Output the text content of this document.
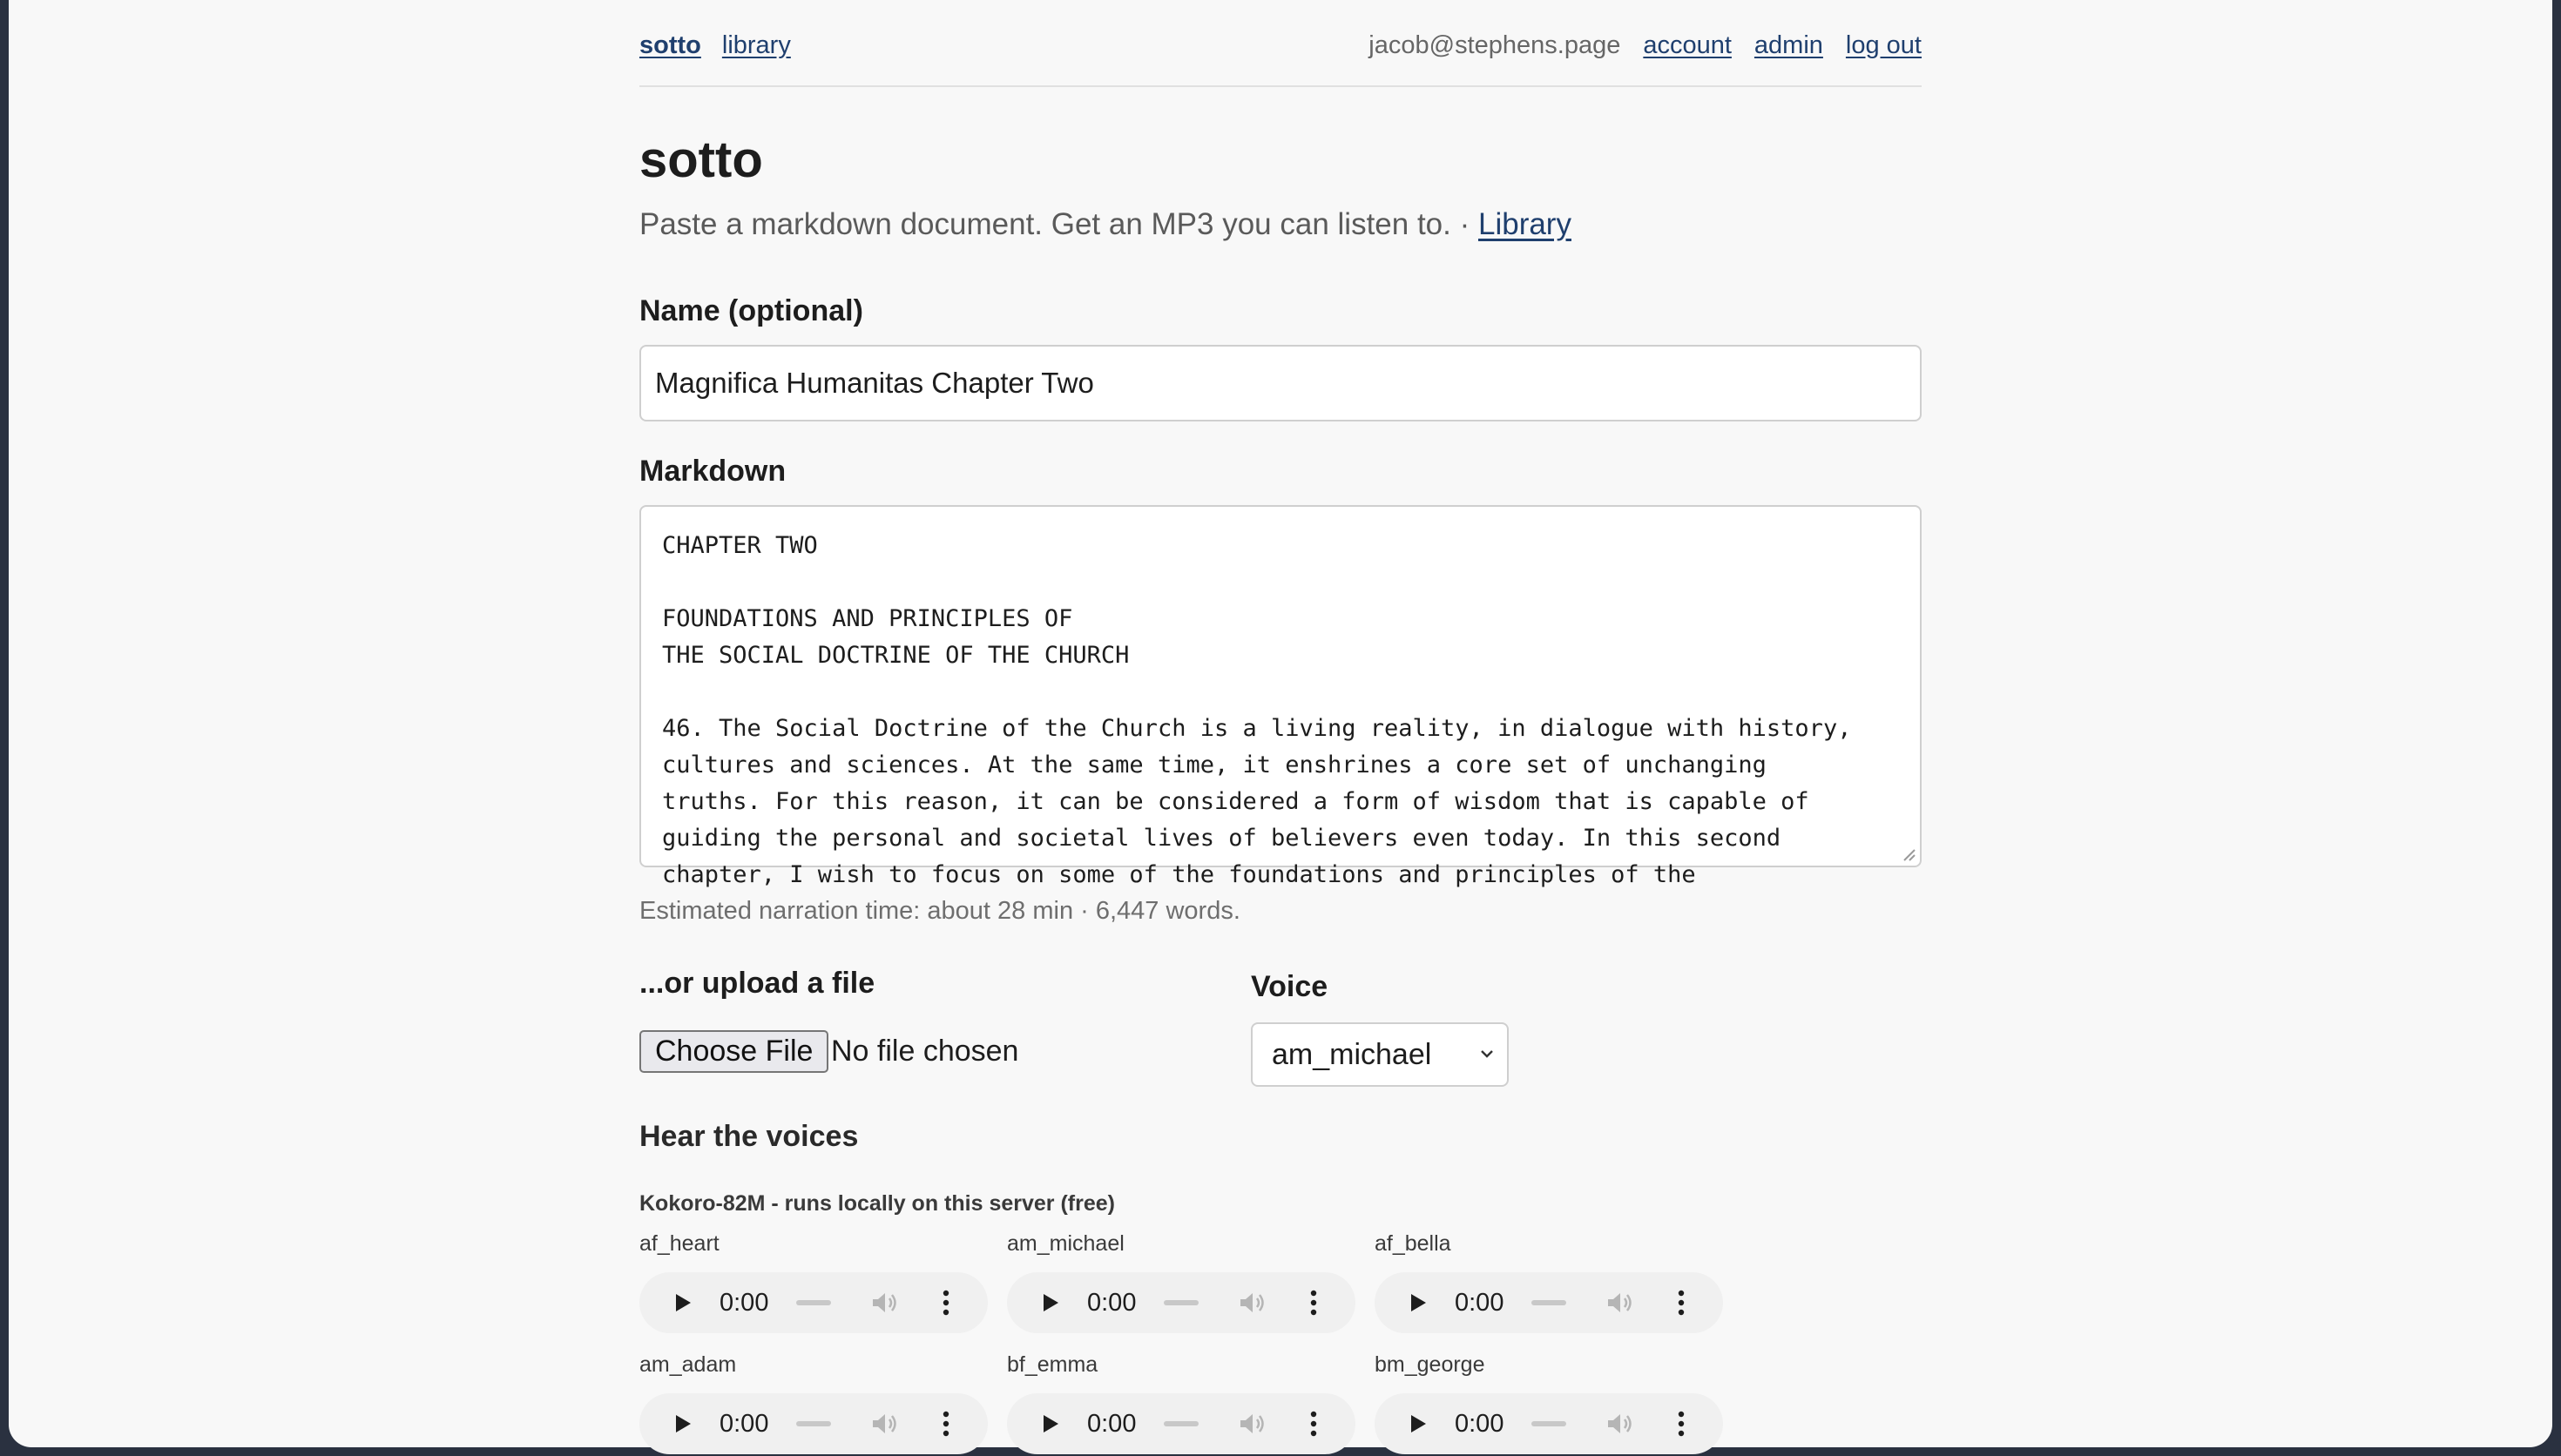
sotto library	jacob@stephens.page account admin log out
sotto
Paste a markdown document. Get an MP3 you can listen to. · Library
Name (optional)
Magnifica Humanitas Chapter Two
Markdown
CHAPTER TWO
FOUNDATIONS AND PRINCIPLES OF
THE SOCIAL DOCTRINE OF THE CHURCH
46. The Social Doctrine of the Church is a living reality, in dialogue with history,
cultures and sciences. At the same time, it enshrines a core set of unchanging
truths. For this reason, it can be considered a form of wisdom that is capable of
guiding the personal and societal lives of believers even today. In this second
chapter, I wish to focus on some of the foundations and principles of the
Estimated narration time: about 28 min · 6,447 words.
...or upload a file
Choose File No file chosen
Voice
am_michael
Hear the voices
Kokoro-82M - runs locally on this server (free)
af_heart
0:00
am_michael
0:00
af_bella
0:00
am_adam
0:00
bf_emma
0:00
bm_george
0:00
